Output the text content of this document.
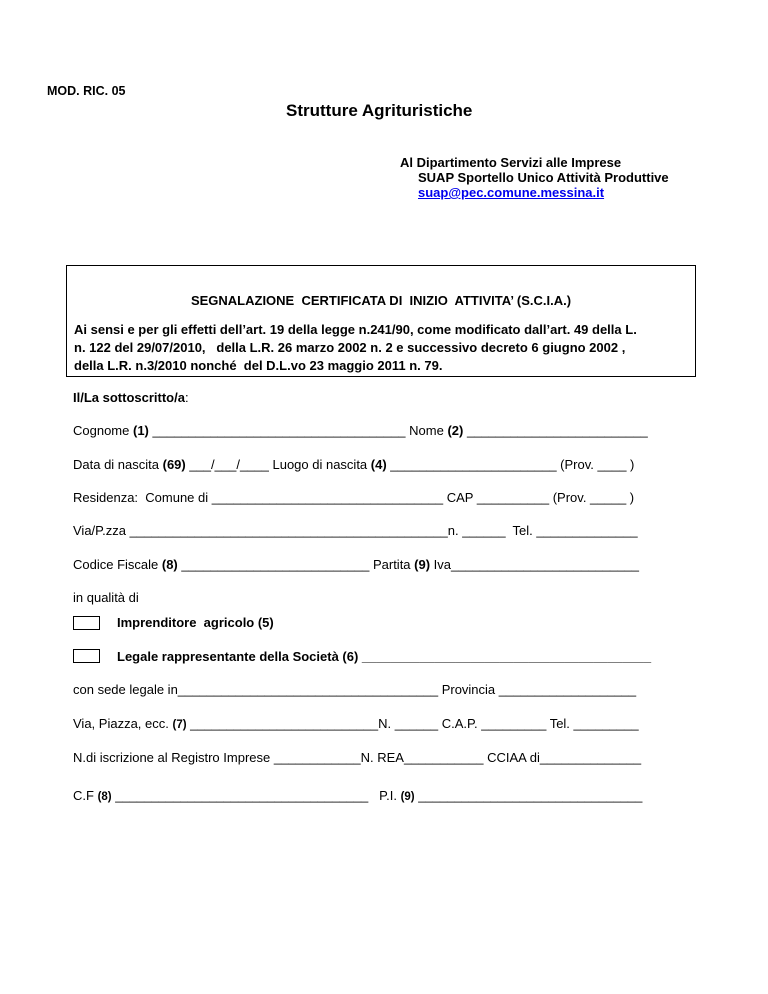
MOD. RIC. 05
Strutture Agrituristiche
Al Dipartimento Servizi alle Imprese
SUAP Sportello Unico Attività Produttive
suap@pec.comune.messina.it
SEGNALAZIONE  CERTIFICATA DI  INIZIO  ATTIVITA’ (S.C.I.A.)
Ai sensi e per gli effetti dell’art. 19 della legge n.241/90, come modificato dall’art. 49 della L.
n. 122 del 29/07/2010,   della L.R. 26 marzo 2002 n. 2 e successivo decreto 6 giugno 2002 ,
della L.R. n.3/2010 nonché  del D.L.vo 23 maggio 2011 n. 79.
Il/La sottoscritto/a:
Cognome (1) ___________________________________ Nome (2) _________________________
Data di nascita (69) ___/___/____ Luogo di nascita (4) _______________________ (Prov. ____ )
Residenza:  Comune di ________________________________ CAP __________ (Prov. _____ )
Via/P.zza ____________________________________________n. ______  Tel. ______________
Codice Fiscale (8) __________________________ Partita (9) Iva__________________________
in qualità di
Imprenditore  agricolo (5)
Legale rappresentante della Società (6) ________________________________________
con sede legale in____________________________________ Provincia ___________________
Via, Piazza, ecc. (7) __________________________N. ______ C.A.P. _________ Tel. _________
N.di iscrizione al Registro Imprese ____________N. REA___________ CCIAA di______________
C.F (8) ___________________________________   P.I. (9) _______________________________
